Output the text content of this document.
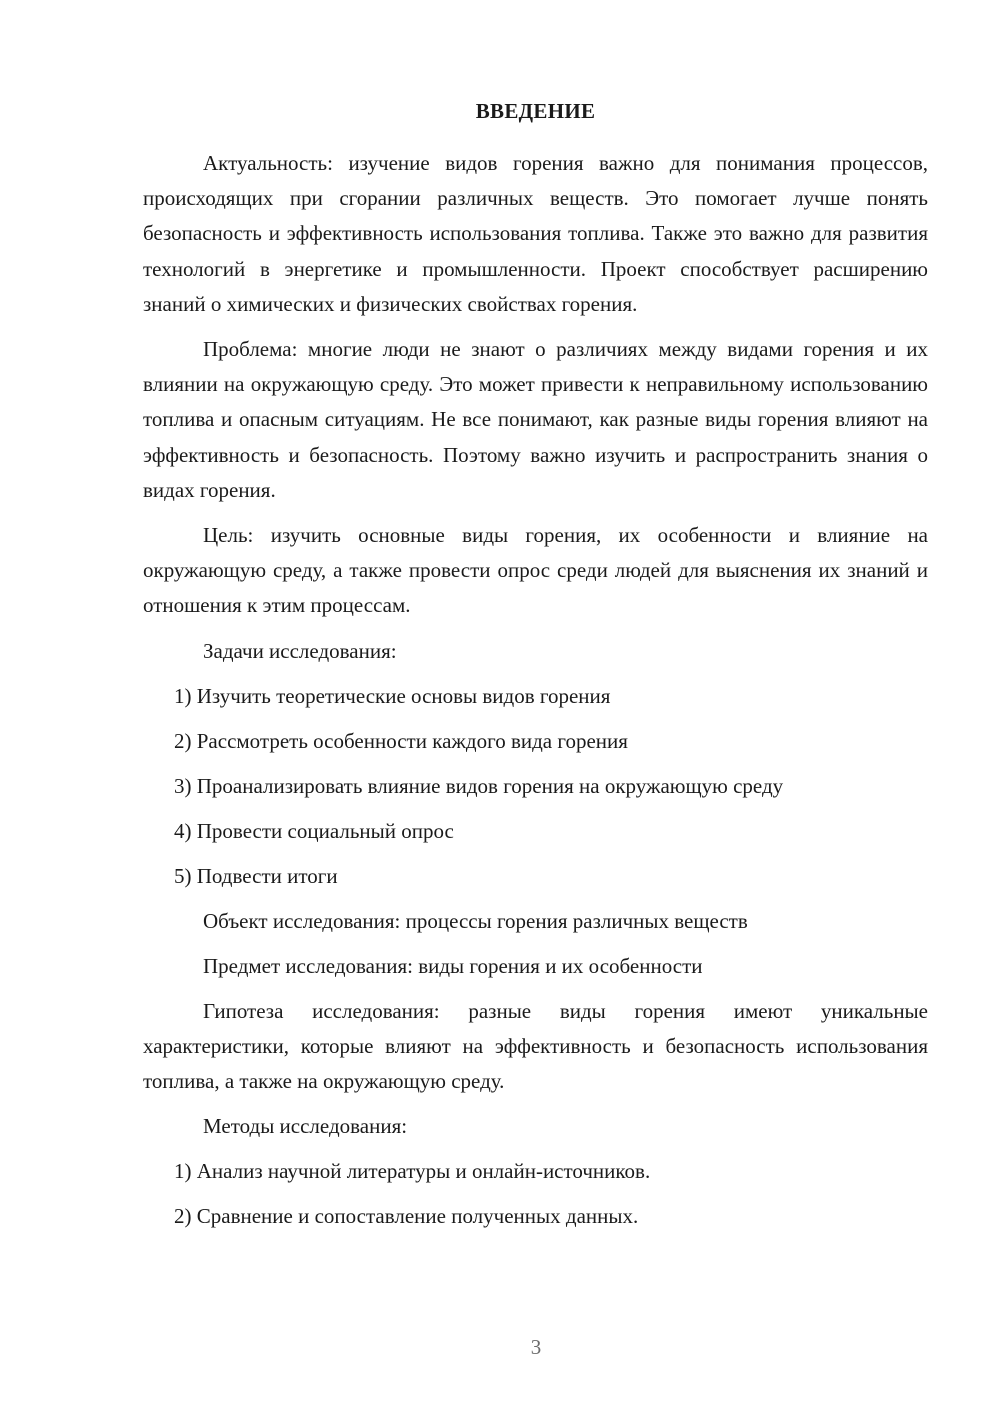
ВВЕДЕНИЕ

Актуальность: изучение видов горения важно для понимания процессов, происходящих при сгорании различных веществ. Это помогает лучше понять безопасность и эффективность использования топлива. Также это важно для развития технологий в энергетике и промышленности. Проект способствует расширению знаний о химических и физических свойствах горения.

Проблема: многие люди не знают о различиях между видами горения и их влиянии на окружающую среду. Это может привести к неправильному использованию топлива и опасным ситуациям. Не все понимают, как разные виды горения влияют на эффективность и безопасность. Поэтому важно изучить и распространить знания о видах горения.

Цель: изучить основные виды горения, их особенности и влияние на окружающую среду, а также провести опрос среди людей для выяснения их знаний и отношения к этим процессам.

Задачи исследования:

1) Изучить теоретические основы видов горения
2) Рассмотреть особенности каждого вида горения
3) Проанализировать влияние видов горения на окружающую среду
4) Провести социальный опрос
5) Подвести итоги

Объект исследования: процессы горения различных веществ

Предмет исследования: виды горения и их особенности

Гипотеза исследования: разные виды горения имеют уникальные характеристики, которые влияют на эффективность и безопасность использования топлива, а также на окружающую среду.

Методы исследования:

1) Анализ научной литературы и онлайн-источников.
2) Сравнение и сопоставление полученных данных.
3
